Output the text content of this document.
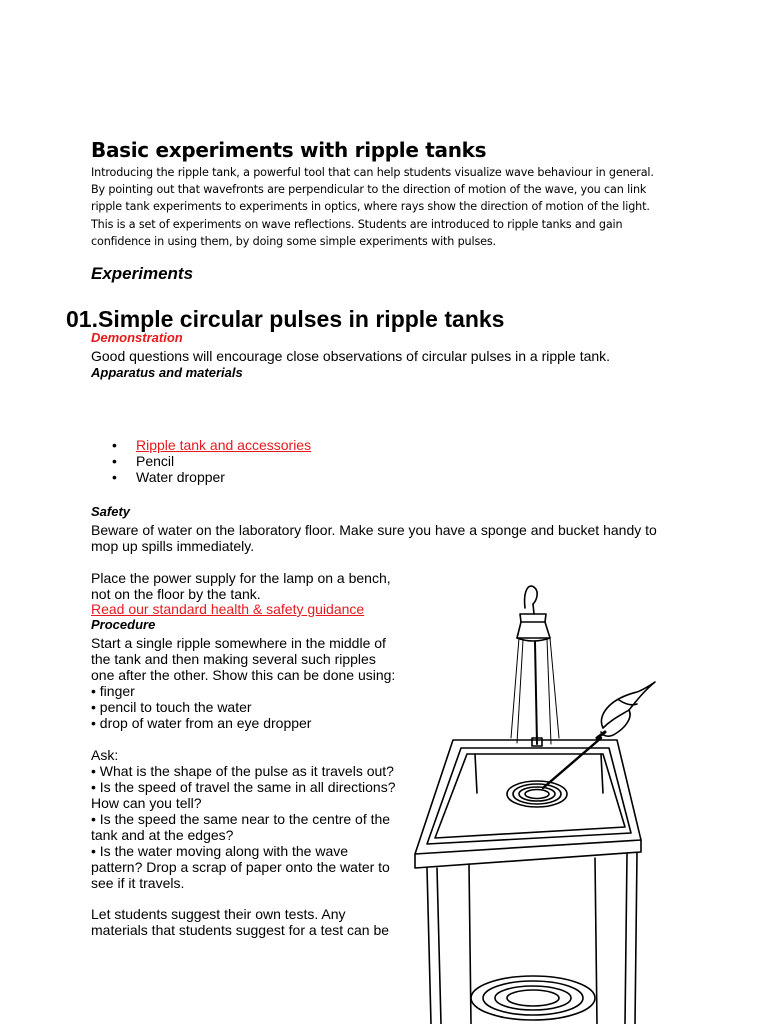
Basic experiments with ripple tanks
Introducing the ripple tank, a powerful tool that can help students visualize wave behaviour in general.
By pointing out that wavefronts are perpendicular to the direction of motion of the wave, you can link
ripple tank experiments to experiments in optics, where rays show the direction of motion of the light.
This is a set of experiments on wave reflections. Students are introduced to ripple tanks and gain
confidence in using them, by doing some simple experiments with pulses.
Experiments
01.Simple circular pulses in ripple tanks
Demonstration
Good questions will encourage close observations of circular pulses in a ripple tank.
Apparatus and materials
• Ripple tank and accessories
• Pencil
• Water dropper
Safety
Beware of water on the laboratory floor. Make sure you have a sponge and bucket handy to mop up spills immediately.
Place the power supply for the lamp on a bench, not on the floor by the tank.
Read our standard health & safety guidance
Procedure
Start a single ripple somewhere in the middle of
the tank and then making several such ripples
one after the other. Show this can be done using:
• finger
• pencil to touch the water
• drop of water from an eye dropper
Ask:
• What is the shape of the pulse as it travels out?
• Is the speed of travel the same in all directions?
How can you tell?
• Is the speed the same near to the centre of the
tank and at the edges?
• Is the water moving along with the wave
pattern? Drop a scrap of paper onto the water to
see if it travels.
Let students suggest their own tests. Any
materials that students suggest for a test can be
